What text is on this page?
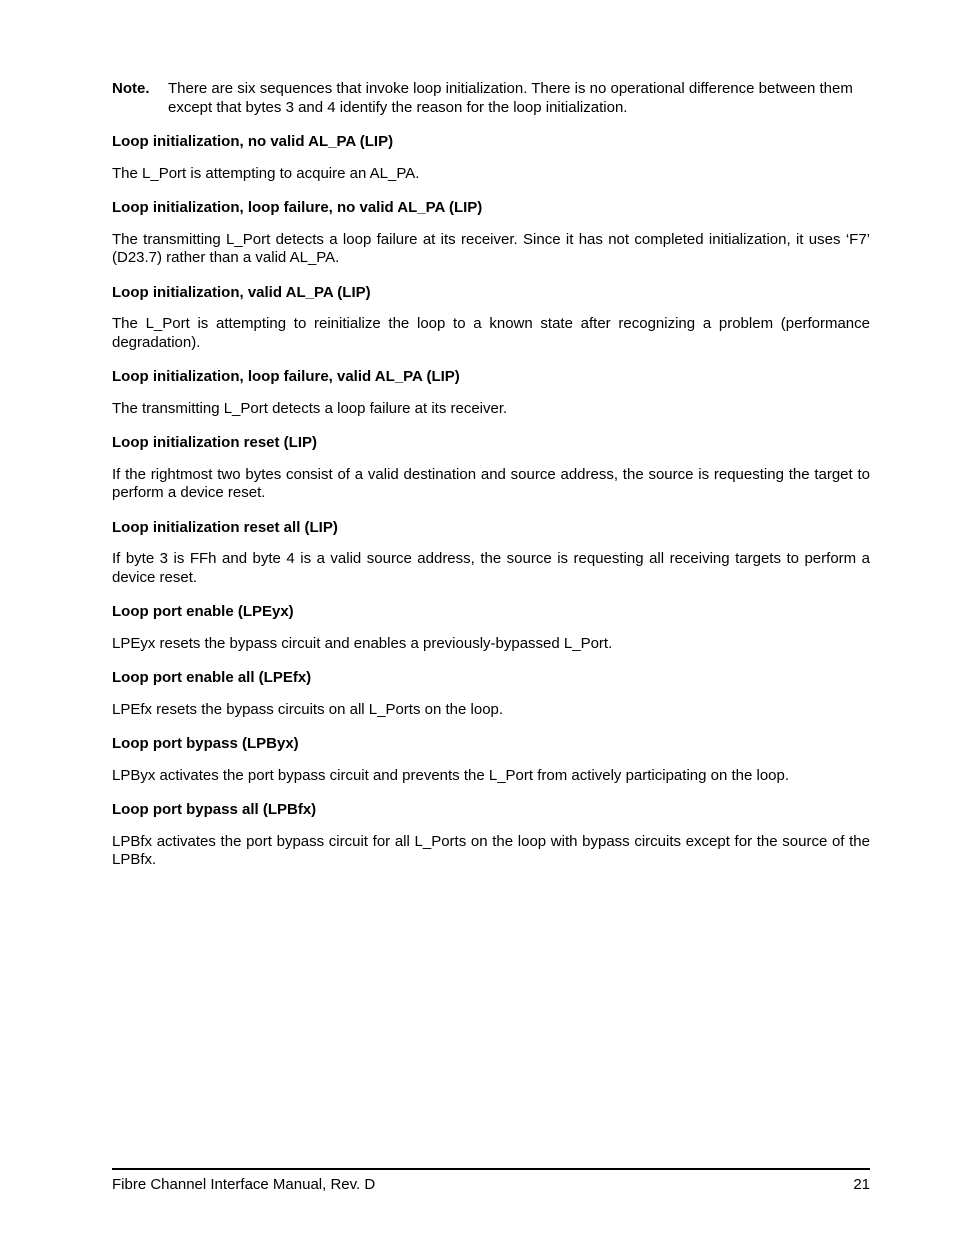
Note.	There are six sequences that invoke loop initialization. There is no operational difference between them except that bytes 3 and 4 identify the reason for the loop initialization.

Loop initialization, no valid AL_PA (LIP)

The L_Port is attempting to acquire an AL_PA.

Loop initialization, loop failure, no valid AL_PA (LIP)

The transmitting L_Port detects a loop failure at its receiver. Since it has not completed initialization, it uses ‘F7’ (D23.7) rather than a valid AL_PA.

Loop initialization, valid AL_PA (LIP)

The L_Port is attempting to reinitialize the loop to a known state after recognizing a problem (performance degradation).

Loop initialization, loop failure, valid AL_PA (LIP)

The transmitting L_Port detects a loop failure at its receiver.

Loop initialization reset (LIP)

If the rightmost two bytes consist of a valid destination and source address, the source is requesting the target to perform a device reset.

Loop initialization reset all (LIP)

If byte 3 is FFh and byte 4 is a valid source address, the source is requesting all receiving targets to perform a device reset.

Loop port enable (LPEyx)

LPEyx resets the bypass circuit and enables a previously-bypassed L_Port.

Loop port enable all (LPEfx)

LPEfx resets the bypass circuits on all L_Ports on the loop.

Loop port bypass (LPByx)

LPByx activates the port bypass circuit and prevents the L_Port from actively participating on the loop.

Loop port bypass all (LPBfx)

LPBfx activates the port bypass circuit for all L_Ports on the loop with bypass circuits except for the source of the LPBfx.

Fibre Channel Interface Manual, Rev. D	21
